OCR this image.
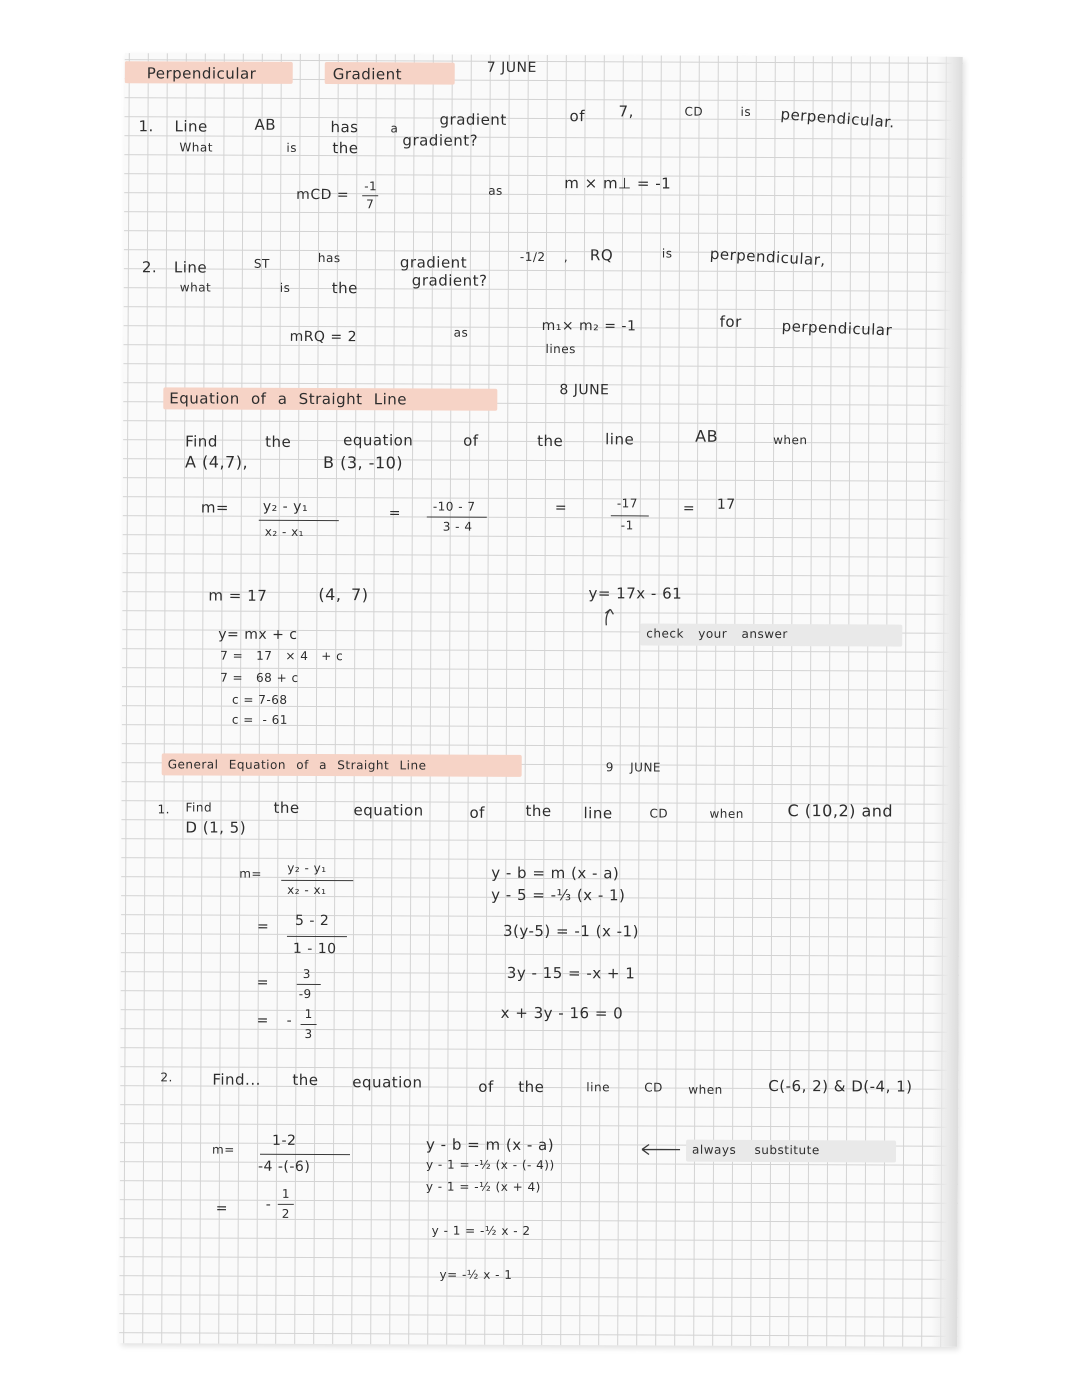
Perpendicular	Gradient	7 JUNE
1. Line	AB	has	a	gradient	of 7,	CD	is perpendicular.
What	is the	gradient?
mCD =
-1
7
as	m × m⊥ = -1
2. Line	ST	has	gradient	-1/2 , RQ	is perpendicular,
what	is	the	gradient?
mRQ = 2	as	m₁× m₂ = -1
lines
for	perpendicular
Equation of a Straight Line	8 JUNE
Find	the	equation	of	the	line	AB	when
A (4,7),	B (3, -10)
m= y₂ - y₁
x₂ - x₁
=	-10 - 7
3 - 4
=	-17
-1
= 17
m = 17	(4, 7)	y= 17x - 61
check your answer
y= mx + c
7 =   17   × 4   + c
7 =   68 + c
c = 7-68
c =  - 61
General Equation of a Straight Line	9 JUNE
1. Find	the	equation	of	the line	CD	when	C (10,2) and
D (1, 5)
m= y₂ - y₁
x₂ - x₁
= 5 - 2
1 - 10
=
3
-9
= - 1
3
y - b = m (x - a)
y - 5 = -⅓ (x - 1)
3(y-5) = -1 (x -1)
3y - 15 = -x + 1
x + 3y - 16 = 0
2.	Find... the equation	of the	line	CD when	C(-6, 2) & D(-4, 1)
m=
1-2
-4 -(-6)
=	-
1
2
y - b = m (x - a)
y - 1 = -½ (x - (- 4))
y - 1 = -½ (x + 4)
y - 1 = -½ x - 2
y= -½ x - 1
always substitute
